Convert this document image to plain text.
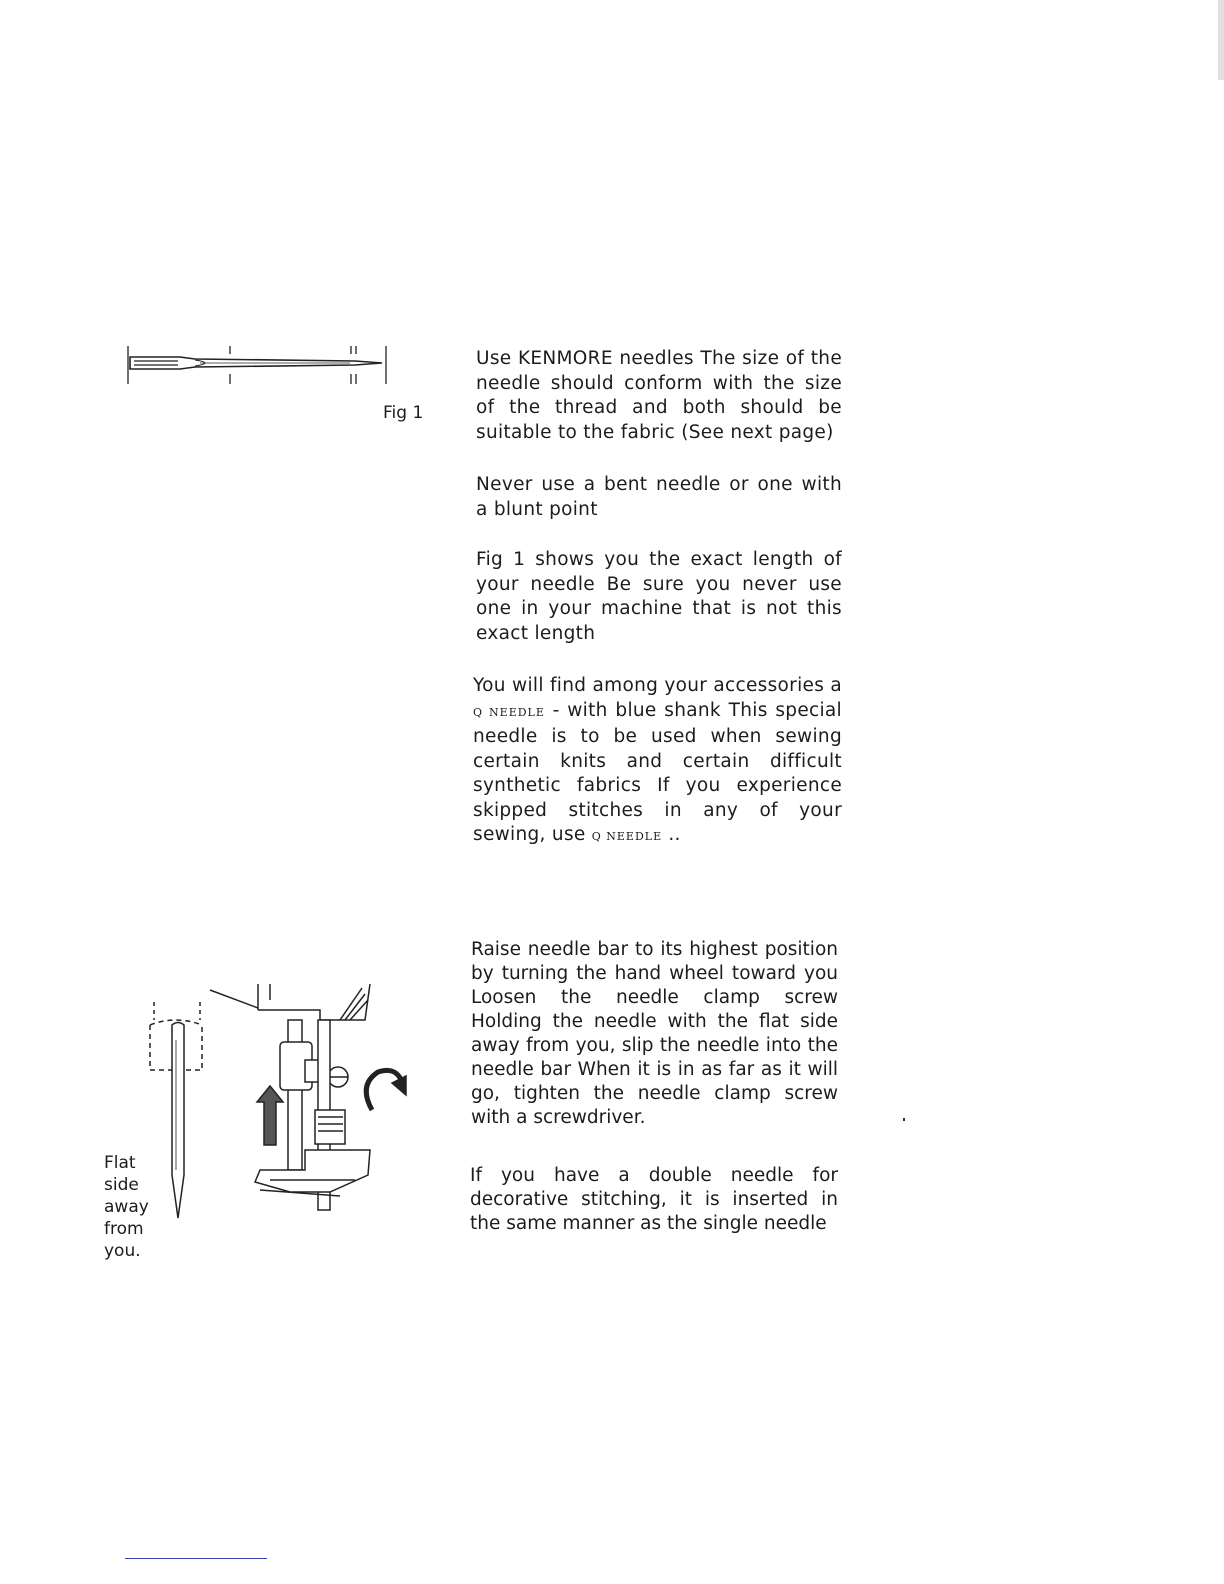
Fig 1
Use KENMORE needles The size of the needle should conform with the size of the thread and both should be suitable to the fabric (See next page)
Never use a bent needle or one with a blunt point
Fig 1 shows you the exact length of your needle Be sure you never use one in your machine that is not this exact length
You will find among your accessories a Q NEEDLE - with blue shank This special needle is to be used when sewing certain knits and certain difficult synthetic fabrics If you experience skipped stitches in any of your sewing, use Q NEEDLE ..
Flat side away from you.
Raise needle bar to its highest position by turning the hand wheel toward you Loosen the needle clamp screw Holding the needle with the flat side away from you, slip the needle into the needle bar When it is in as far as it will go, tighten the needle clamp screw with a screwdriver.
If you have a double needle for decorative stitching, it is inserted in the same manner as the single needle
